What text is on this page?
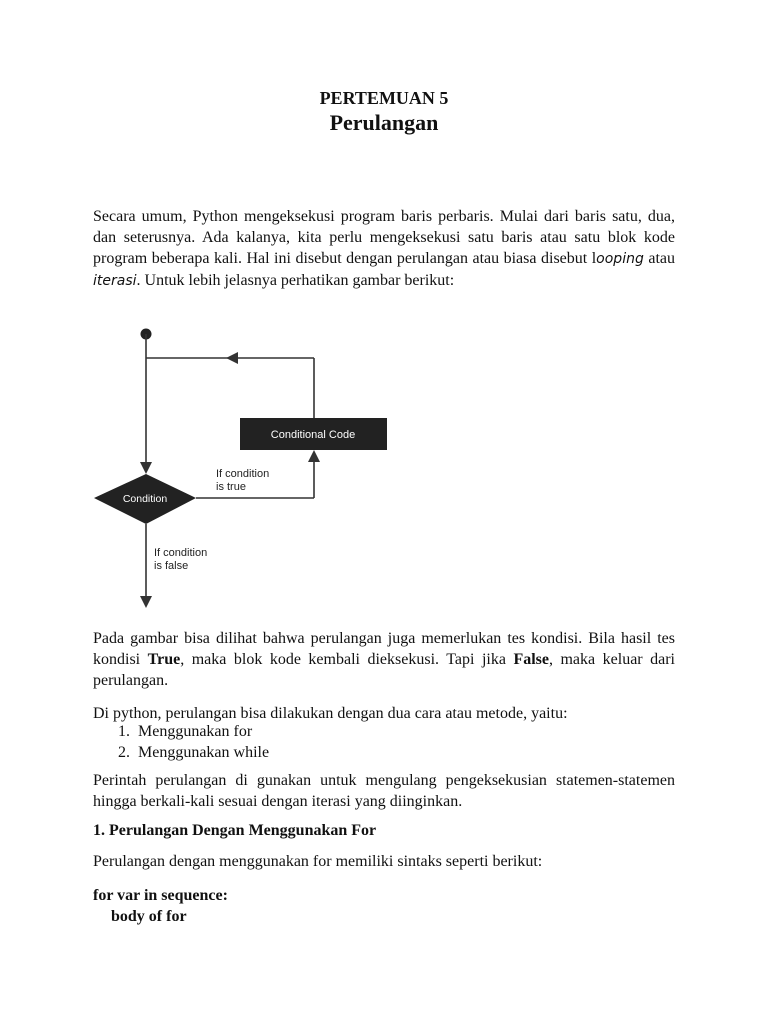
PERTEMUAN 5
Perulangan
Secara umum, Python mengeksekusi program baris perbaris. Mulai dari baris satu, dua, dan seterusnya. Ada kalanya, kita perlu mengeksekusi satu baris atau satu blok kode program beberapa kali. Hal ini disebut dengan perulangan atau biasa disebut looping atau iterasi. Untuk lebih jelasnya perhatikan gambar berikut:
Conditional Code
If condition
is true
Condition
If condition
is false
Pada gambar bisa dilihat bahwa perulangan juga memerlukan tes kondisi. Bila hasil tes kondisi True, maka blok kode kembali dieksekusi. Tapi jika False, maka keluar dari perulangan.
Di python, perulangan bisa dilakukan dengan dua cara atau metode, yaitu:
1. Menggunakan for
2. Menggunakan while
Perintah perulangan di gunakan untuk mengulang pengeksekusian statemen-statemen hingga berkali-kali sesuai dengan iterasi yang diinginkan.
1. Perulangan Dengan Menggunakan For
Perulangan dengan menggunakan for memiliki sintaks seperti berikut:
for var in sequence:
body of for
